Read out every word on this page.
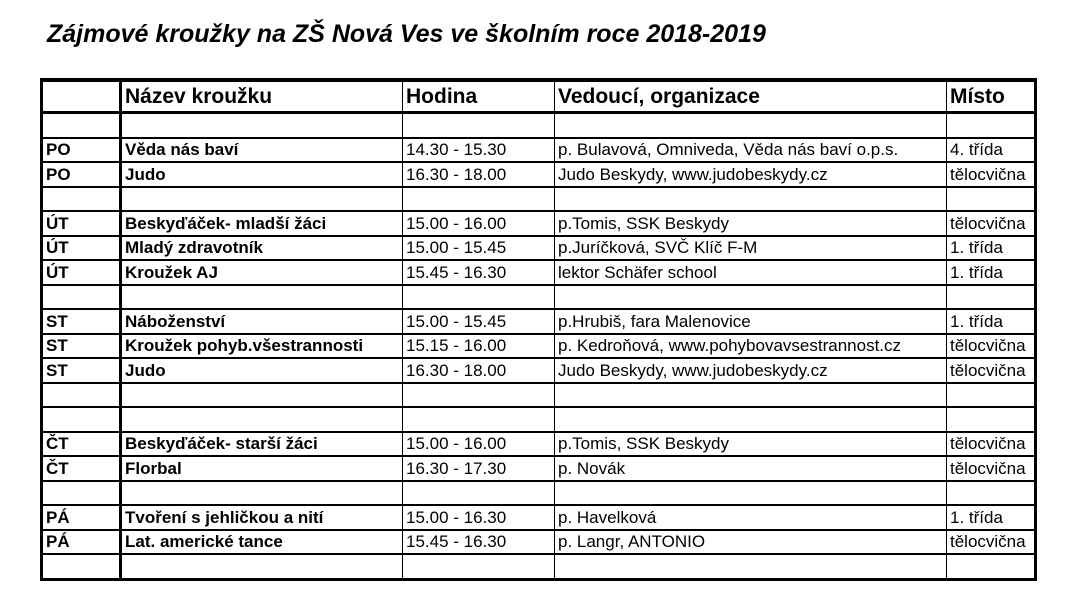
Zájmové kroužky na ZŠ Nová Ves ve školním roce 2018-2019
	Název kroužku	Hodina	Vedoucí, organizace	Místo

PO	Věda nás baví	14.30 - 15.30	p. Bulavová, Omniveda, Věda nás baví o.p.s.	4. třída
PO	Judo	16.30 - 18.00	Judo Beskydy, www.judobeskydy.cz	tělocvična

ÚT	Beskyďáček- mladší žáci	15.00 - 16.00	p.Tomis, SSK Beskydy	tělocvična
ÚT	Mladý zdravotník	15.00 - 15.45	p.Juríčková, SVČ Klíč F-M	1. třída
ÚT	Kroužek AJ	15.45 - 16.30	lektor Schäfer school	1. třída

ST	Náboženství	15.00 - 15.45	p.Hrubiš, fara Malenovice	1. třída
ST	Kroužek pohyb.všestrannosti	15.15 - 16.00	p. Kedroňová, www.pohybovavsestrannost.cz	tělocvična
ST	Judo	16.30 - 18.00	Judo Beskydy, www.judobeskydy.cz	tělocvična

ČT	Beskyďáček- starší žáci	15.00 - 16.00	p.Tomis, SSK Beskydy	tělocvična
ČT	Florbal	16.30 - 17.30	p. Novák	tělocvična

PÁ	Tvoření s jehličkou a nití	15.00 - 16.30	p. Havelková	1. třída
PÁ	Lat. americké tance	15.45 - 16.30	p. Langr, ANTONIO	tělocvična
